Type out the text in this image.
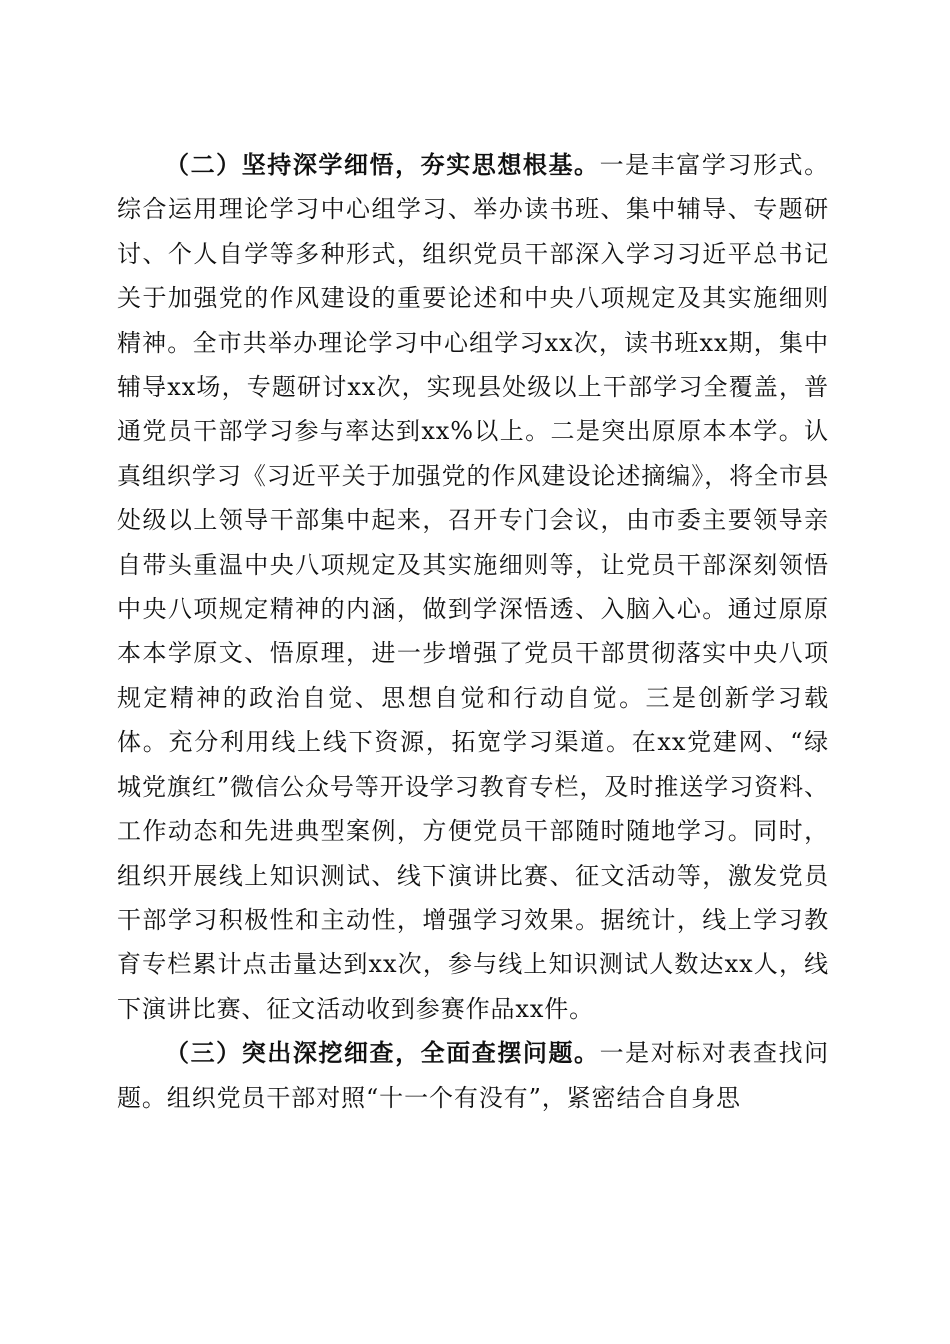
（二）坚持深学细悟，夯实思想根基。一是丰富学习形式。综合运用理论学习中心组学习、举办读书班、集中辅导、专题研讨、个人自学等多种形式，组织党员干部深入学习习近平总书记关于加强党的作风建设的重要论述和中央八项规定及其实施细则精神。全市共举办理论学习中心组学习xx次，读书班xx期，集中辅导xx场，专题研讨xx次，实现县处级以上干部学习全覆盖，普通党员干部学习参与率达到xx%以上。二是突出原原本本学。认真组织学习《习近平关于加强党的作风建设论述摘编》，将全市县处级以上领导干部集中起来，召开专门会议，由市委主要领导亲自带头重温中央八项规定及其实施细则等，让党员干部深刻领悟中央八项规定精神的内涵，做到学深悟透、入脑入心。通过原原本本学原文、悟原理，进一步增强了党员干部贯彻落实中央八项规定精神的政治自觉、思想自觉和行动自觉。三是创新学习载体。充分利用线上线下资源，拓宽学习渠道。在xx党建网、“绿城党旗红”微信公众号等开设学习教育专栏，及时推送学习资料、工作动态和先进典型案例，方便党员干部随时随地学习。同时，组织开展线上知识测试、线下演讲比赛、征文活动等，激发党员干部学习积极性和主动性，增强学习效果。据统计，线上学习教育专栏累计点击量达到xx次，参与线上知识测试人数达xx人，线下演讲比赛、征文活动收到参赛作品xx件。

（三）突出深挖细查，全面查摆问题。一是对标对表查找问题。组织党员干部对照“十一个有没有”，紧密结合自身思
